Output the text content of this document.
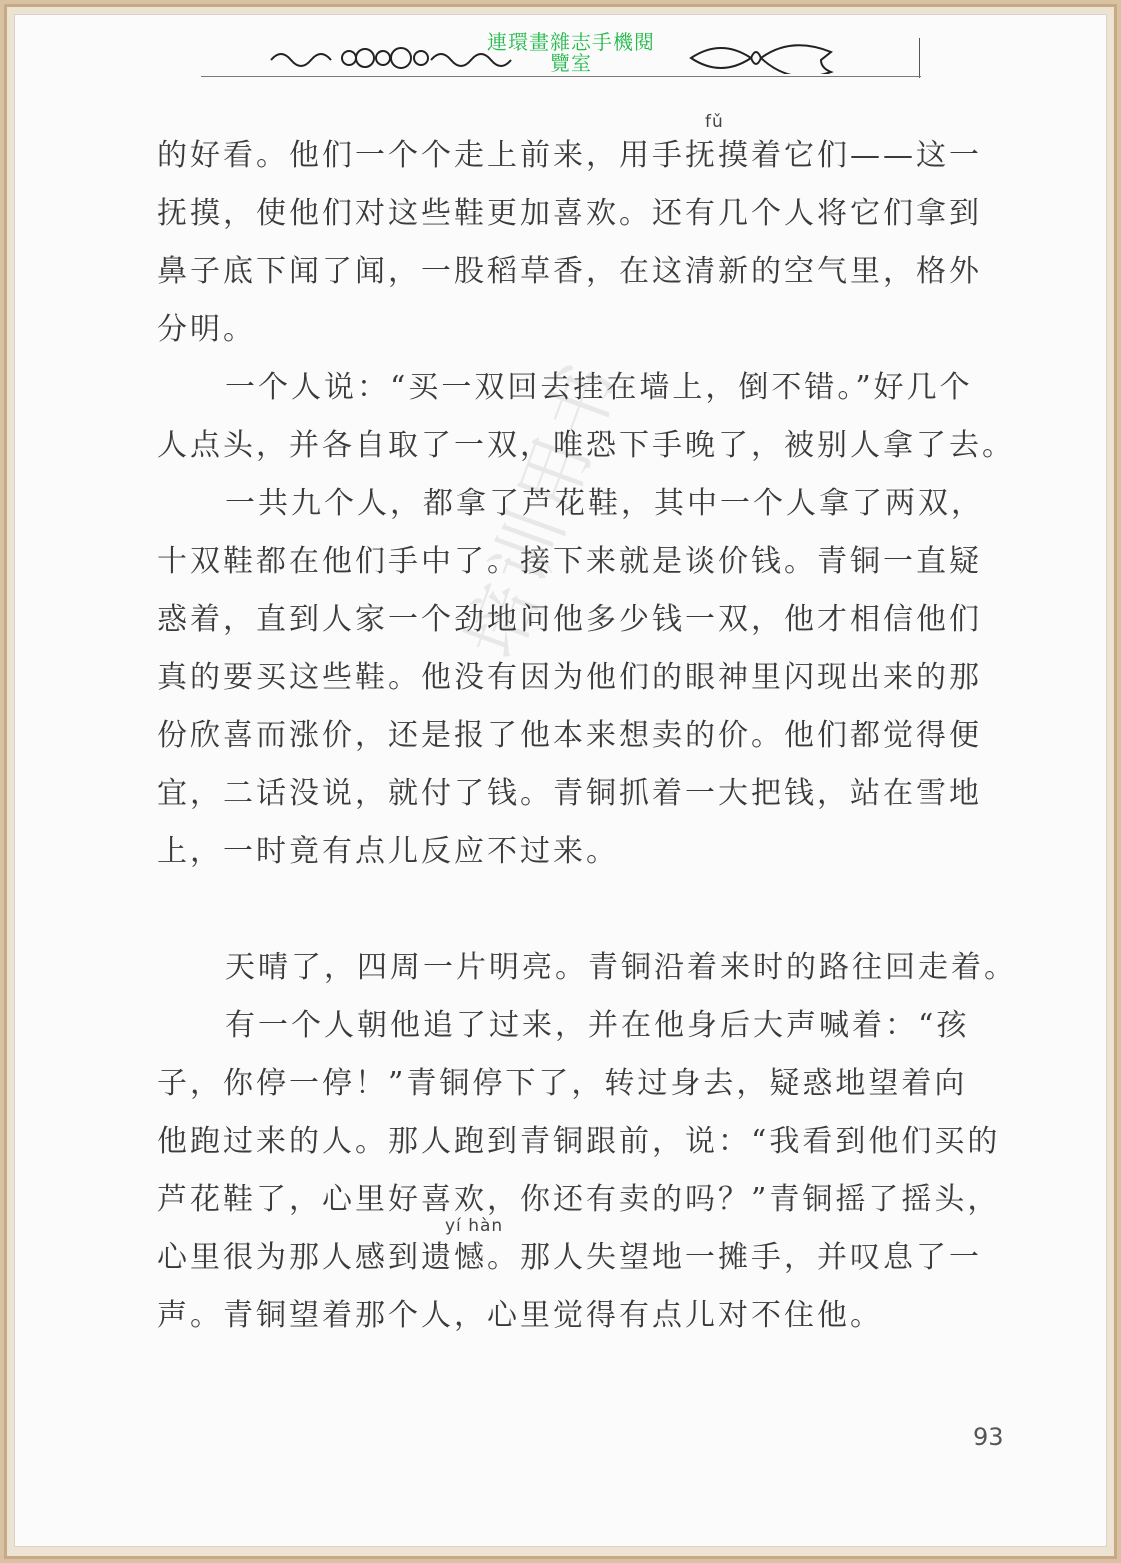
連環畫雜志手機閱
覽室
培训用书
fǔ
的好看。他们一个个走上前来，用手抚摸着它们——这一
抚摸，使他们对这些鞋更加喜欢。还有几个人将它们拿到
鼻子底下闻了闻，一股稻草香，在这清新的空气里，格外
分明。
一个人说：“买一双回去挂在墙上，倒不错。”好几个
人点头，并各自取了一双，唯恐下手晚了，被别人拿了去。
一共九个人，都拿了芦花鞋，其中一个人拿了两双，
十双鞋都在他们手中了。接下来就是谈价钱。青铜一直疑
惑着，直到人家一个劲地问他多少钱一双，他才相信他们
真的要买这些鞋。他没有因为他们的眼神里闪现出来的那
份欣喜而涨价，还是报了他本来想卖的价。他们都觉得便
宜，二话没说，就付了钱。青铜抓着一大把钱，站在雪地
上，一时竟有点儿反应不过来。
天晴了，四周一片明亮。青铜沿着来时的路往回走着。
有一个人朝他追了过来，并在他身后大声喊着：“孩
子，你停一停！”青铜停下了，转过身去，疑惑地望着向
他跑过来的人。那人跑到青铜跟前，说：“我看到他们买的
芦花鞋了，心里好喜欢，你还有卖的吗？”青铜摇了摇头，
yí hàn
心里很为那人感到遗憾。那人失望地一摊手，并叹息了一
声。青铜望着那个人，心里觉得有点儿对不住他。
93
